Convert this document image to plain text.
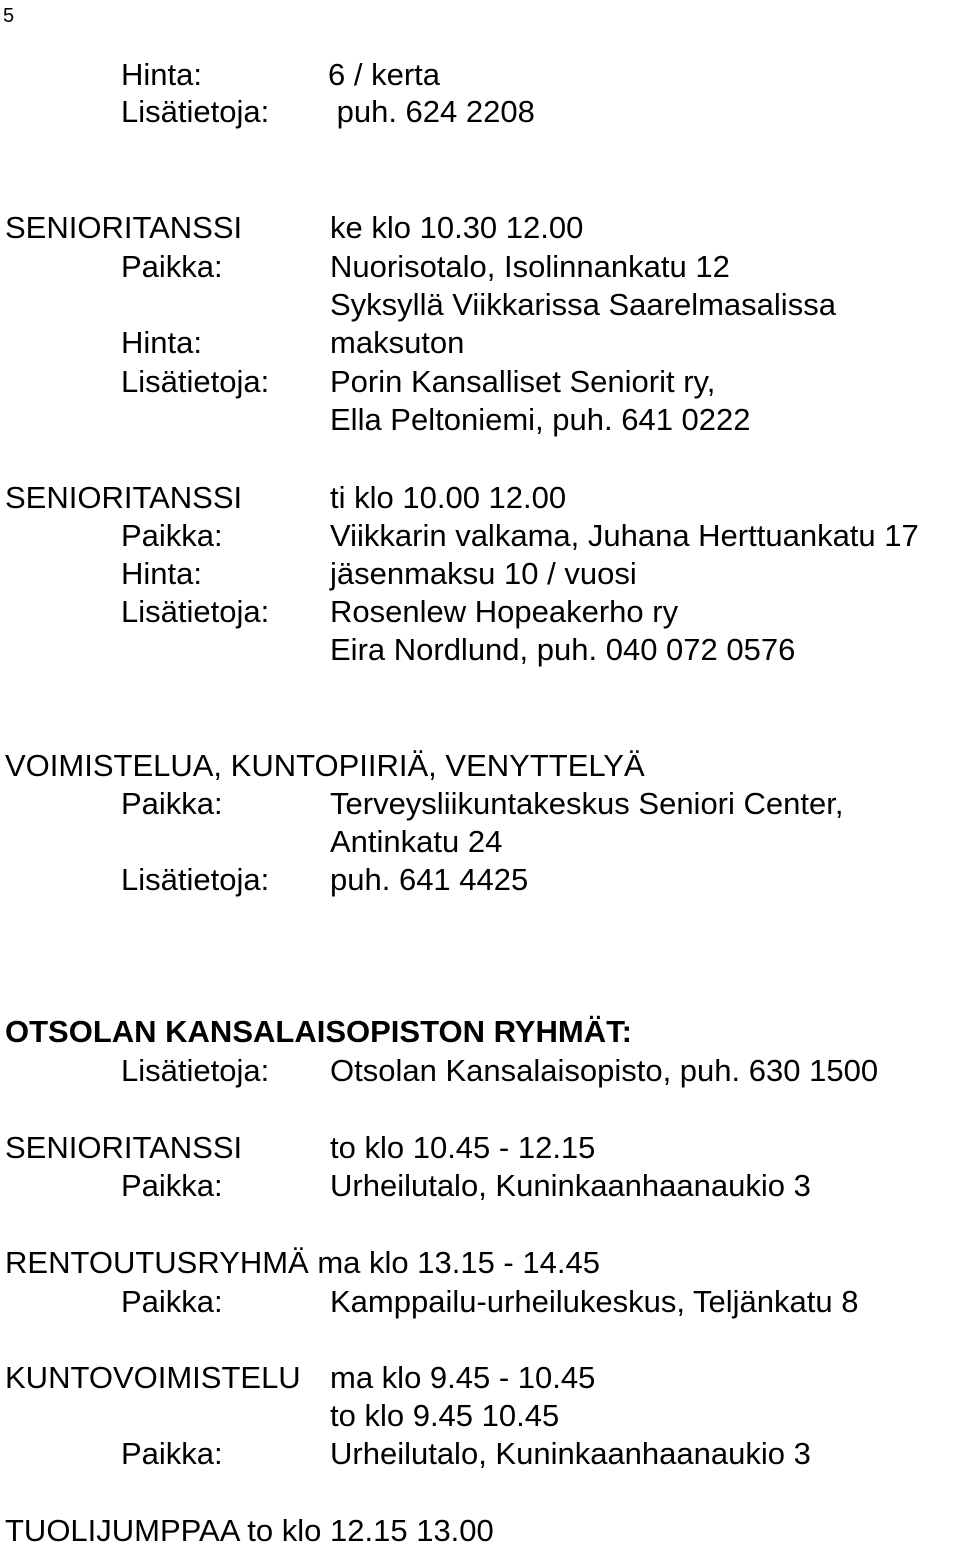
5
Hinta:	6 / kerta
Lisätietoja: puh. 624 2208
SENIORITANSSI	ke klo 10.30 12.00
Paikka:	Nuorisotalo, Isolinnankatu 12
Syksyllä Viikkarissa Saarelmasalissa
Hinta:	maksuton
Lisätietoja: Porin Kansalliset Seniorit ry,
Ella Peltoniemi, puh. 641 0222
SENIORITANSSI	ti klo 10.00 12.00
Paikka:	Viikkarin valkama, Juhana Herttuankatu 17
Hinta:	jäsenmaksu 10 / vuosi
Lisätietoja: Rosenlew Hopeakerho ry
Eira Nordlund, puh. 040 072 0576
VOIMISTELUA, KUNTOPIIRIÄ, VENYTTELYÄ
Paikka:	Terveysliikuntakeskus Seniori Center,
Antinkatu 24
Lisätietoja: puh. 641 4425
OTSOLAN KANSALAISOPISTON RYHMÄT:
Lisätietoja: Otsolan Kansalaisopisto, puh. 630 1500
SENIORITANSSI	to klo 10.45 - 12.15
Paikka:	Urheilutalo, Kuninkaanhaanaukio 3
RENTOUTUSRYHMÄ ma klo 13.15 - 14.45
Paikka:	Kamppailu-urheilukeskus, Teljänkatu 8
KUNTOVOIMISTELU ma klo 9.45 - 10.45
to klo 9.45 10.45
Paikka:	Urheilutalo, Kuninkaanhaanaukio 3
TUOLIJUMPPAA to klo 12.15 13.00
